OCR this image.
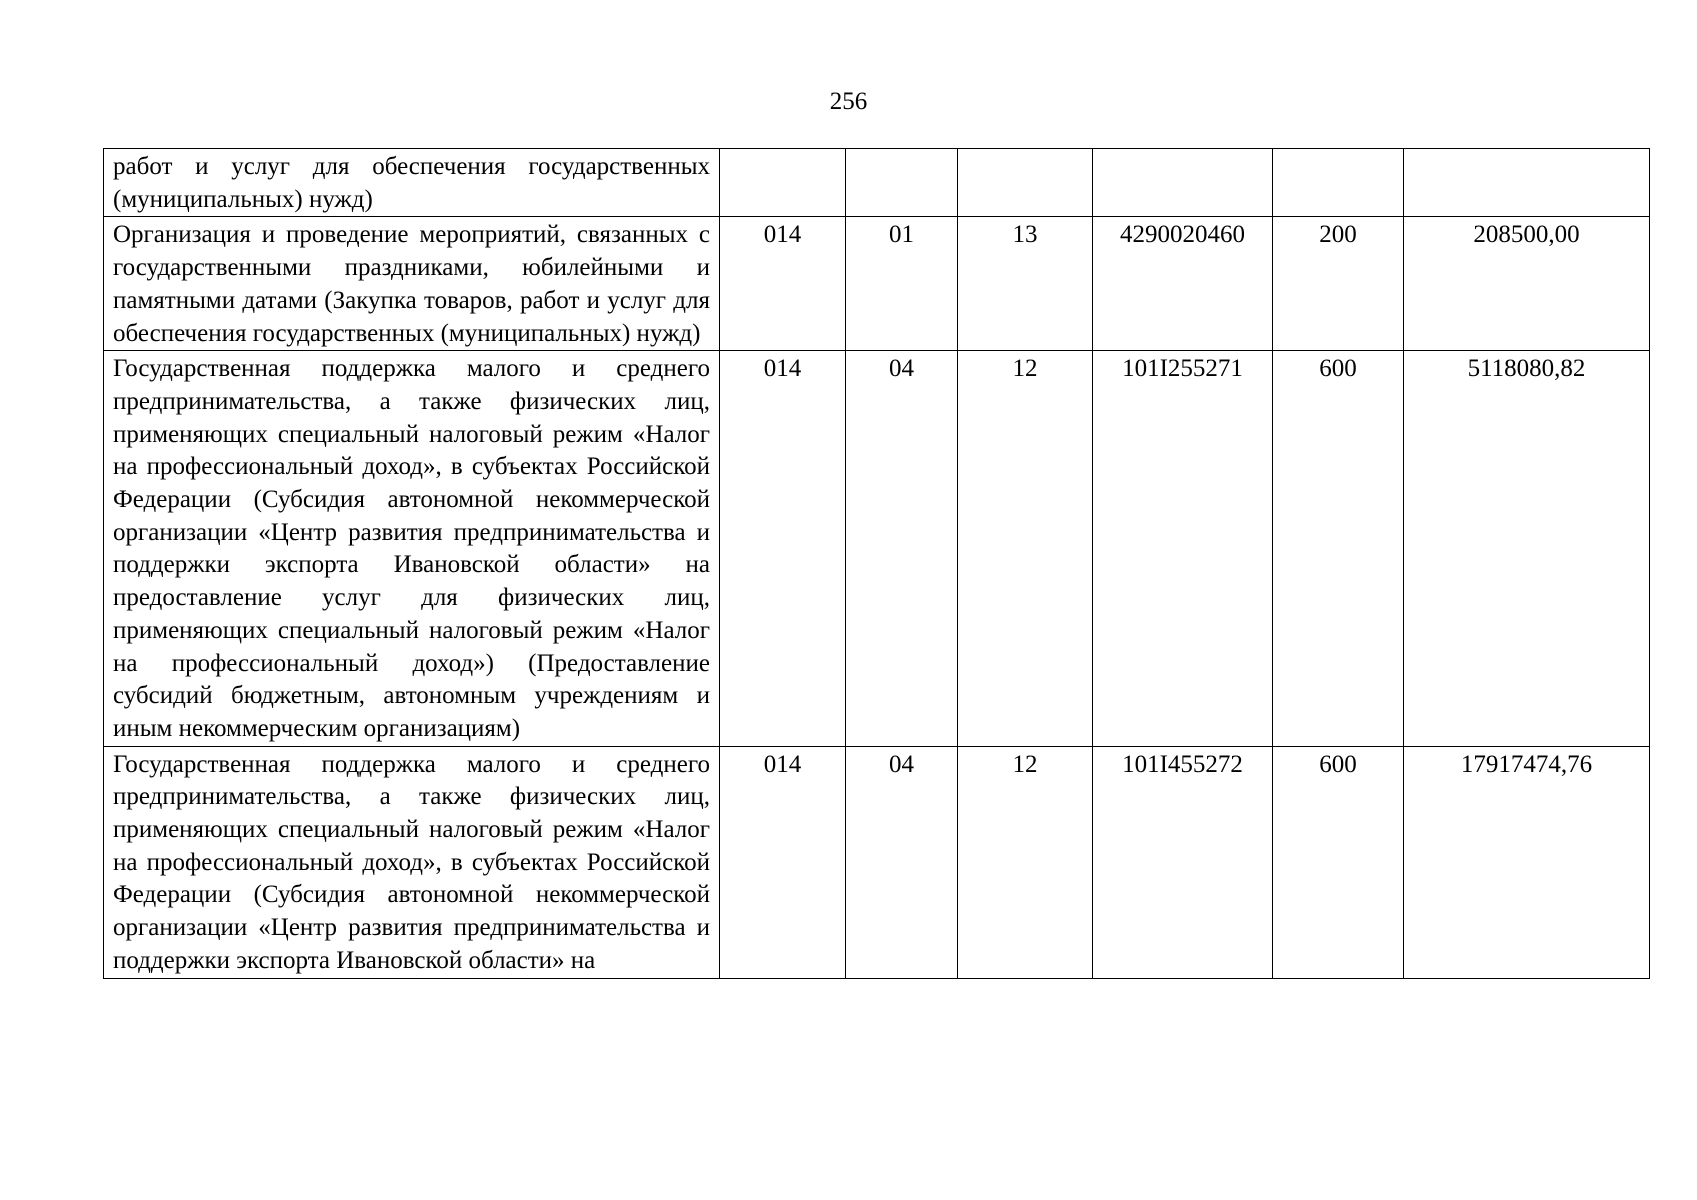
256
работ и услуг для обеспечения государственных (муниципальных) нужд)						
Организация и проведение мероприятий, связанных с государственными праздниками, юбилейными и памятными датами (Закупка товаров, работ и услуг для обеспечения государственных (муниципальных) нужд)	014	01	13	4290020460	200	208500,00
Государственная поддержка малого и среднего предпринимательства, а также физических лиц, применяющих специальный налоговый режим «Налог на профессиональный доход», в субъектах Российской Федерации (Субсидия автономной некоммерческой организации «Центр развития предпринимательства и поддержки экспорта Ивановской области» на предоставление услуг для физических лиц, применяющих специальный налоговый режим «Налог на профессиональный доход») (Предоставление субсидий бюджетным, автономным учреждениям и иным некоммерческим организациям)	014	04	12	101I255271	600	5118080,82
Государственная поддержка малого и среднего предпринимательства, а также физических лиц, применяющих специальный налоговый режим «Налог на профессиональный доход», в субъектах Российской Федерации (Субсидия автономной некоммерческой организации «Центр развития предпринимательства и поддержки экспорта Ивановской области» на	014	04	12	101I455272	600	17917474,76
